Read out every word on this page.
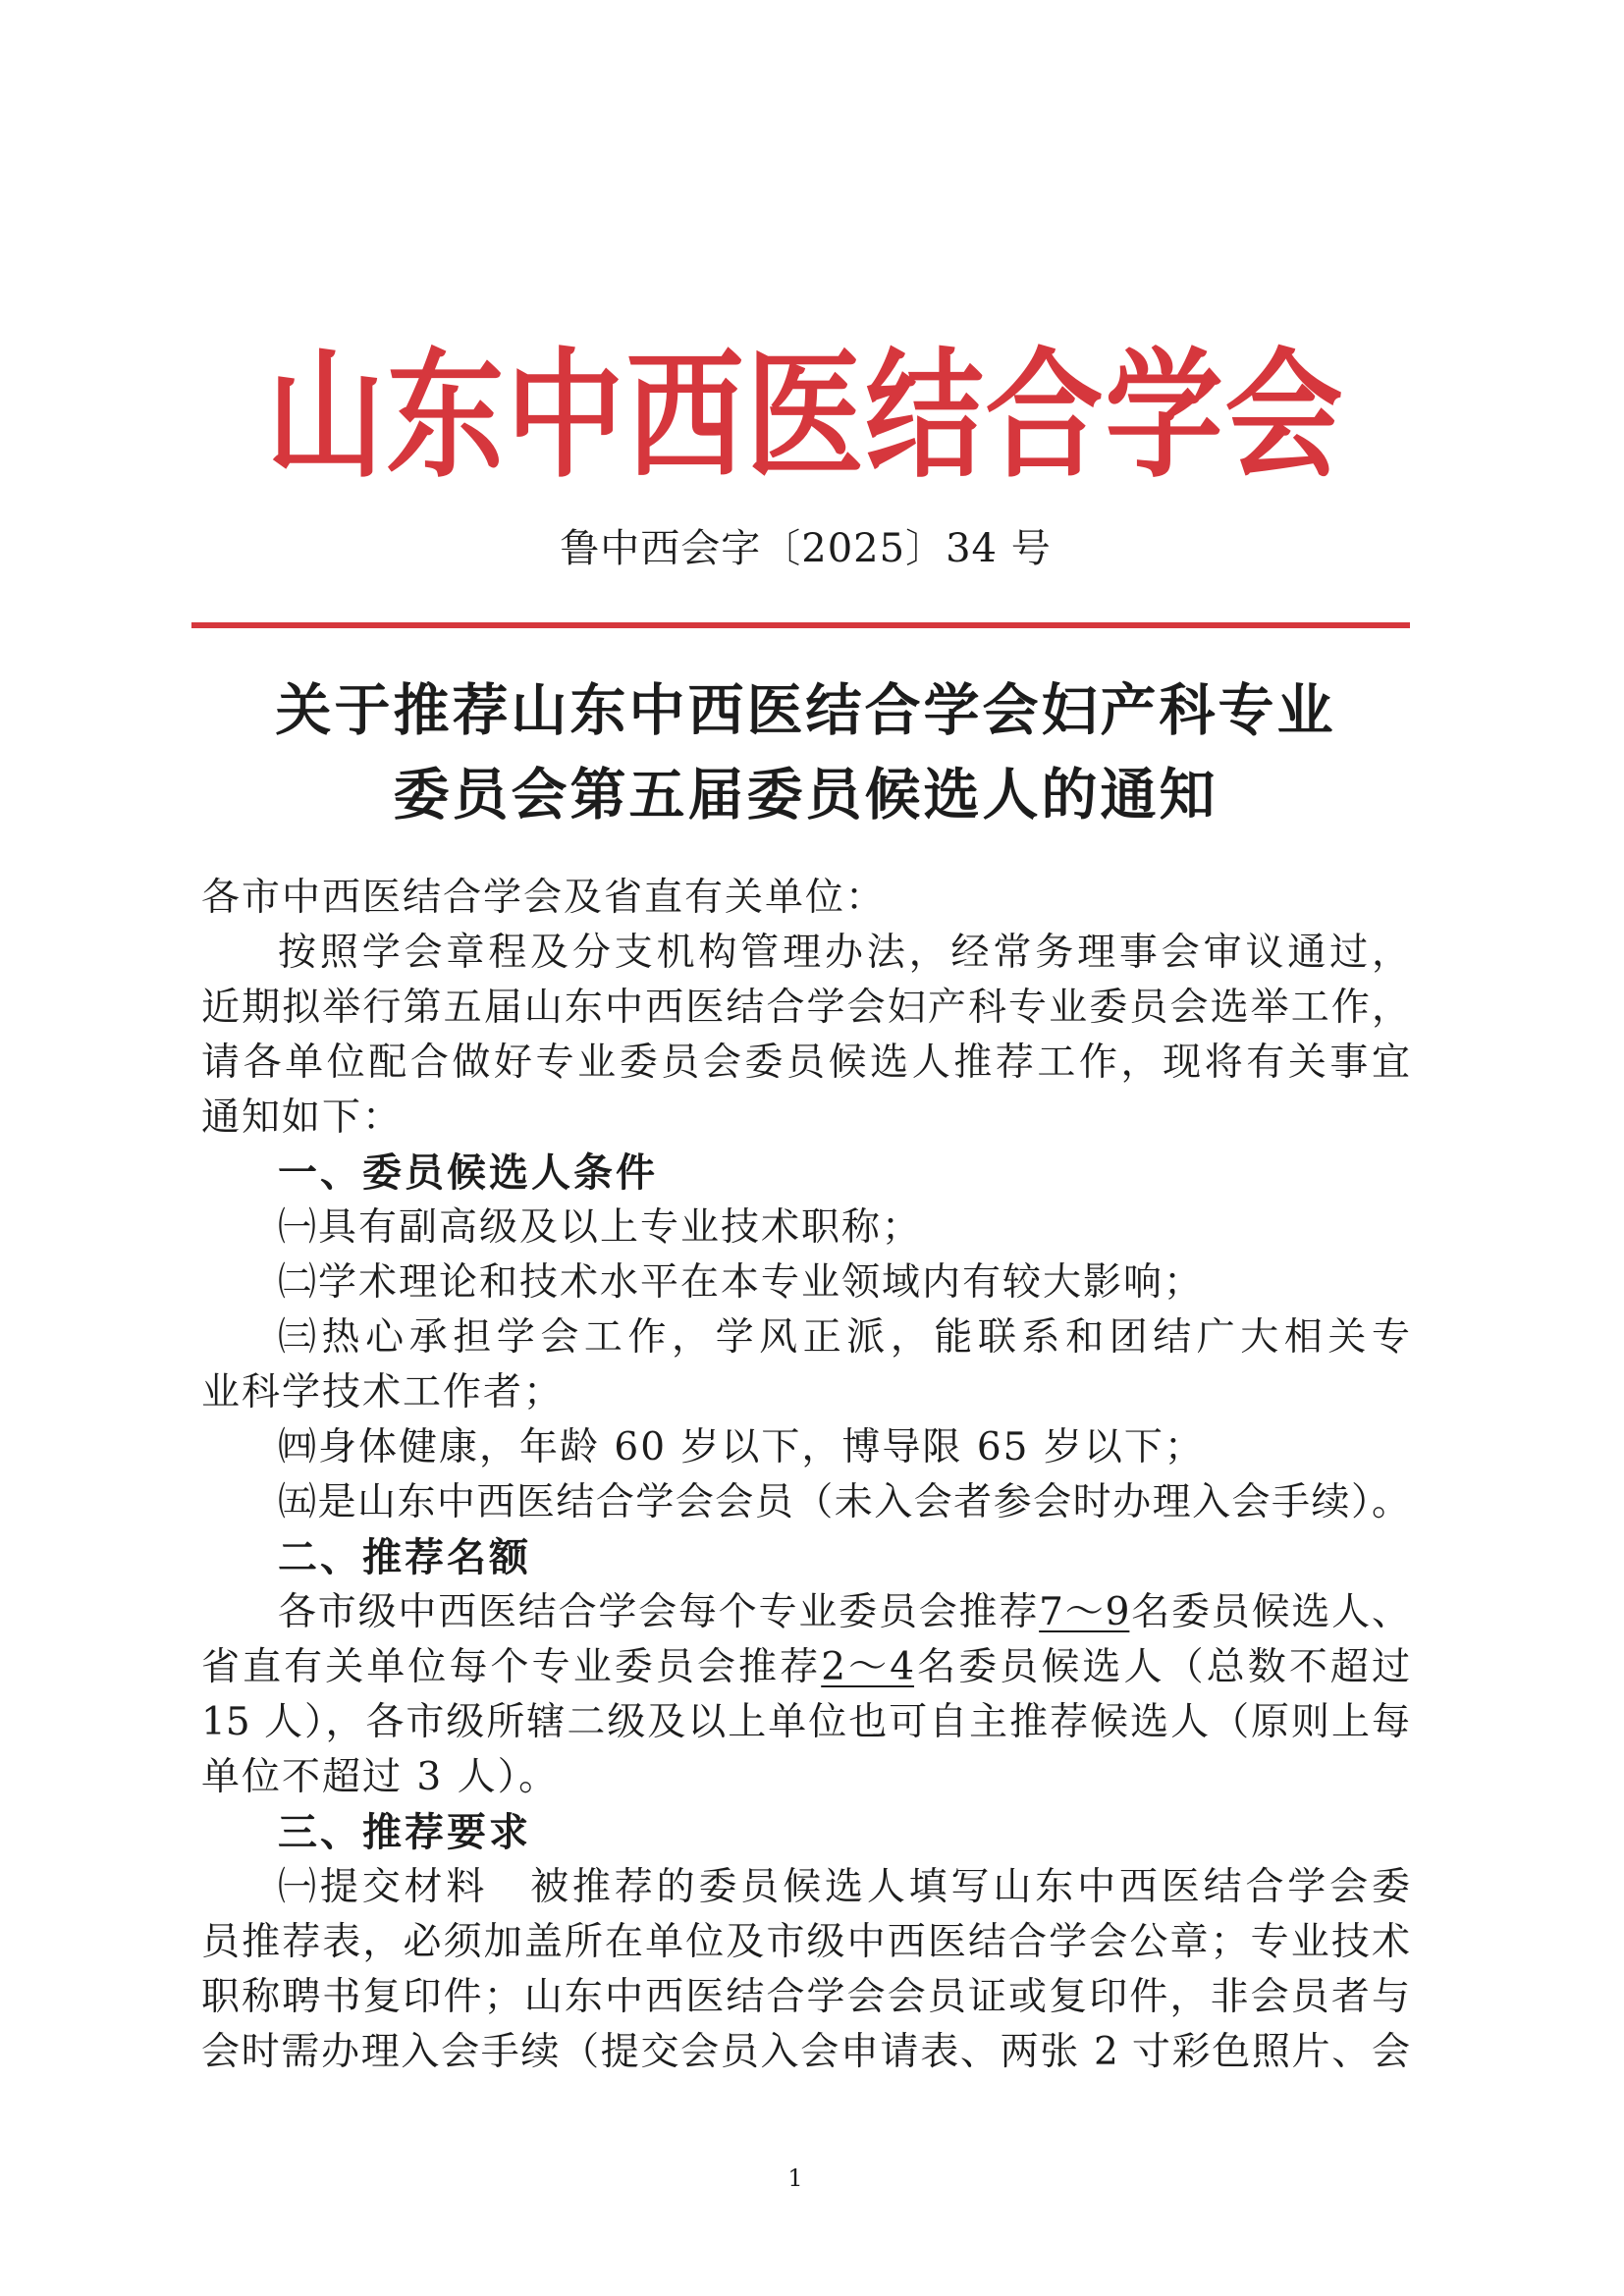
山东中西医结合学会
鲁中西会字〔2025〕34 号
关于推荐山东中西医结合学会妇产科专业
委员会第五届委员候选人的通知
各市中西医结合学会及省直有关单位：
按照学会章程及分支机构管理办法，经常务理事会审议通过，
近期拟举行第五届山东中西医结合学会妇产科专业委员会选举工作，
请各单位配合做好专业委员会委员候选人推荐工作，现将有关事宜
通知如下：
一、委员候选人条件
㈠具有副高级及以上专业技术职称；
㈡学术理论和技术水平在本专业领域内有较大影响；
㈢热心承担学会工作，学风正派，能联系和团结广大相关专
业科学技术工作者；
㈣身体健康，年龄 60 岁以下，博导限 65 岁以下；
㈤是山东中西医结合学会会员（未入会者参会时办理入会手续）。
二、推荐名额
各市级中西医结合学会每个专业委员会推荐7～9名委员候选人、
省直有关单位每个专业委员会推荐2～4名委员候选人（总数不超过
15 人），各市级所辖二级及以上单位也可自主推荐候选人（原则上每
单位不超过 3 人）。
三、推荐要求
㈠提交材料　被推荐的委员候选人填写山东中西医结合学会委
员推荐表，必须加盖所在单位及市级中西医结合学会公章；专业技术
职称聘书复印件；山东中西医结合学会会员证或复印件，非会员者与
会时需办理入会手续（提交会员入会申请表、两张 2 寸彩色照片、会
1
